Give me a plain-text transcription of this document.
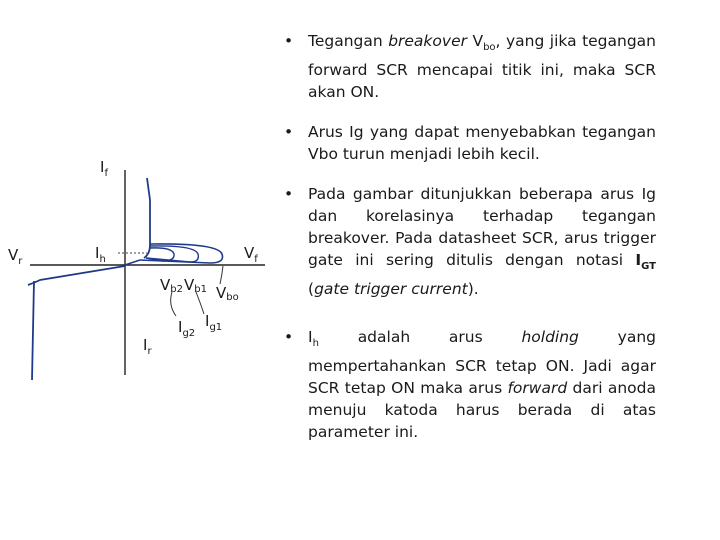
$I_f$
$V_r$	$I_h$	$V_f$
$I_r$
Vb2 Vb1 Vbo
$I_{g2}$
$I_{g1}$
• Tegangan breakover $V_{bo}$, yang jika tegangan forward SCR mencapai titik ini, maka SCR akan ON.
• Arus Ig yang dapat menyebabkan tegangan Vbo turun menjadi lebih kecil.
• Pada gambar ditunjukkan beberapa arus Ig dan korelasinya terhadap tegangan breakover. Pada datasheet SCR, arus trigger gate ini sering ditulis dengan notasi $I_{GT}$ (gate trigger current).
• $I_h$	adalah	arus	holding	yang
mempertahankan SCR tetap ON. Jadi agar SCR tetap ON maka arus forward dari anoda menuju katoda harus berada di atas parameter ini.
